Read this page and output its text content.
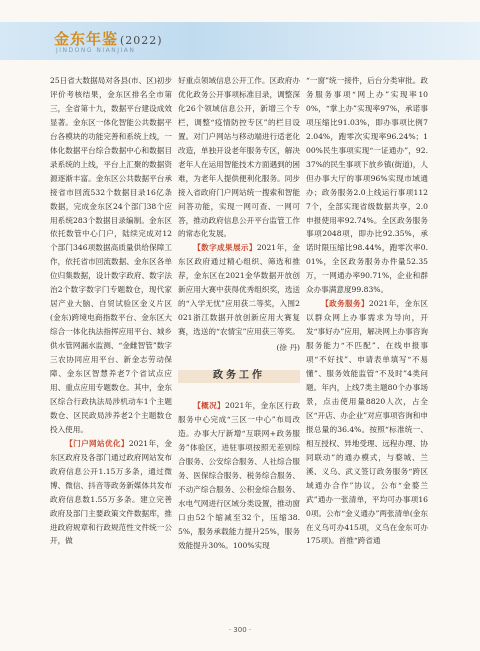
金东年鉴 (2022)
JINDONG NIANJIAN

25日省大数据局对各县(市、区)初步评价考核结果，金东区排名全市第三，全省第十九，数据平台建设成效显著。金东区一体化智能公共数据平台各模块的功能完善和系统上线，一体化数据平台综合数据中心和数据目录系统的上线，平台上汇聚的数据资源逐渐丰富。金东区公共数据平台承接省市回流532个数据目录16亿条数据，完成金东区24个部门38个应用系统283个数据目录编制。金东区依托数管中心门户，陆续完成对12个部门346项数据高质量供给保障工作，依托省市回流数据、金东区各单位归集数据，设计数字政府、数字法治2个数字数字门专题数仓，现代家居产业大脑、自贸试验区金义片区(金东)跨境电商指数平台、金东区大综合一体化执法指挥应用平台、城乡供水管网漏水监测、“金雌智管”数字三农协同应用平台、新金志劳动保障、金东区智慧养老7个省试点应用、重点应用专题数仓。其中，金东区综合行政执法局涉机动车1个主题数仓、区民政局涉养老2个主题数仓投入使用。

【门户网站优化】2021年，金东区政府及各部门通过政府网站发布政府信息公开1.15万多条，通过微博、微信、抖音等政务新媒体共发布政府信息数1.55万多条。建立完善政府及部门主要政策文件数据库，推进政府规章和行政规范性文件统一公开，做

好重点领域信息公开工作。区政府办优化政务公开事项标准目录，调整深化26个领域信息公开，新增三个专栏，调整“疫情防控专区”的栏目设置。对门户网站与移动端进行适老化改造，单独开设老年服务专区，解决老年人在运用智能技术方面遇到的困难，为老年人提供便利化服务。同步接入省政府门户网站统一搜索和智能问答功能，实现一网可查、一网可答，推动政府信息公开平台监管工作的常态化发展。

【数字成果展示】2021年，金东区政府通过精心组织、筛选和推荐，金东区在2021金华数据开放创新应用大赛中获得优秀组织奖，选送的“入学无忧”应用获二等奖，入围2021浙江数据开放创新应用大赛复赛，选送的“农情宝”应用获三等奖。

(徐 丹)
政务工作

【概况】2021年，金东区行政服务中心完成“三区一中心”布局改造。办事大厅新增“互联网+政务服务”体验区，进驻事项按照无差别综合服务、公安综合服务、人社综合服务、医保综合服务、税务综合服务、不动产综合服务、公积金综合服务、水电气网进行区域分类设置，推动窗口由52个缩减至32个，压缩38.5%，服务承载能力提升25%，服务效能提升30%。100%实现

“一窗”统一接件，后台分类审批。政务服务事项“网上办”实现率100%，“掌上办”实现率97%，承诺事项压缩比91.03%，即办事项比例72.04%，跑零次实现率96.24%；100%民生事项实现“一证通办”，92.37%的民生事项下放乡镇(街道)，人但办事大厅的事项96%实现市域通办；政务服务2.0上线运行事项1127个，全部实现省级数据共享，2.0申报使用率92.74%。全区政务服务事项2048项，即办比92.35%，承诺时限压缩比98.44%，跑零次率0.01%，全区政务服务办件量52.35万，一网通办率90.71%，企业和群众办事满意度99.83%。

【政务服务】2021年，金东区以群众网上办事需求为导向，开发“事好办”应用，解决网上办事咨询服务能力“不匹配”、在线申报事项“不好找”、申请表单填写“不易懂”、服务效能监管“不及时”4类问题。年内，上线7类主题80个办事场景，点击使用量8820人次，占全区“开店、办企业”对应事项咨询和申报总量的36.4%。按照“标准统一、相互授权、异地受理、远程办理、协同联动”的通办模式，与婺城、兰溪、义乌、武义签订政务服务“跨区域通办合作”协议，公布“金婺兰武”通办一张清单，平均可办事项160项。公布“金义通办”两张清单(金东在义乌可办415项，义乌在金东可办175项)。首推“跨省通

· 300 ·
